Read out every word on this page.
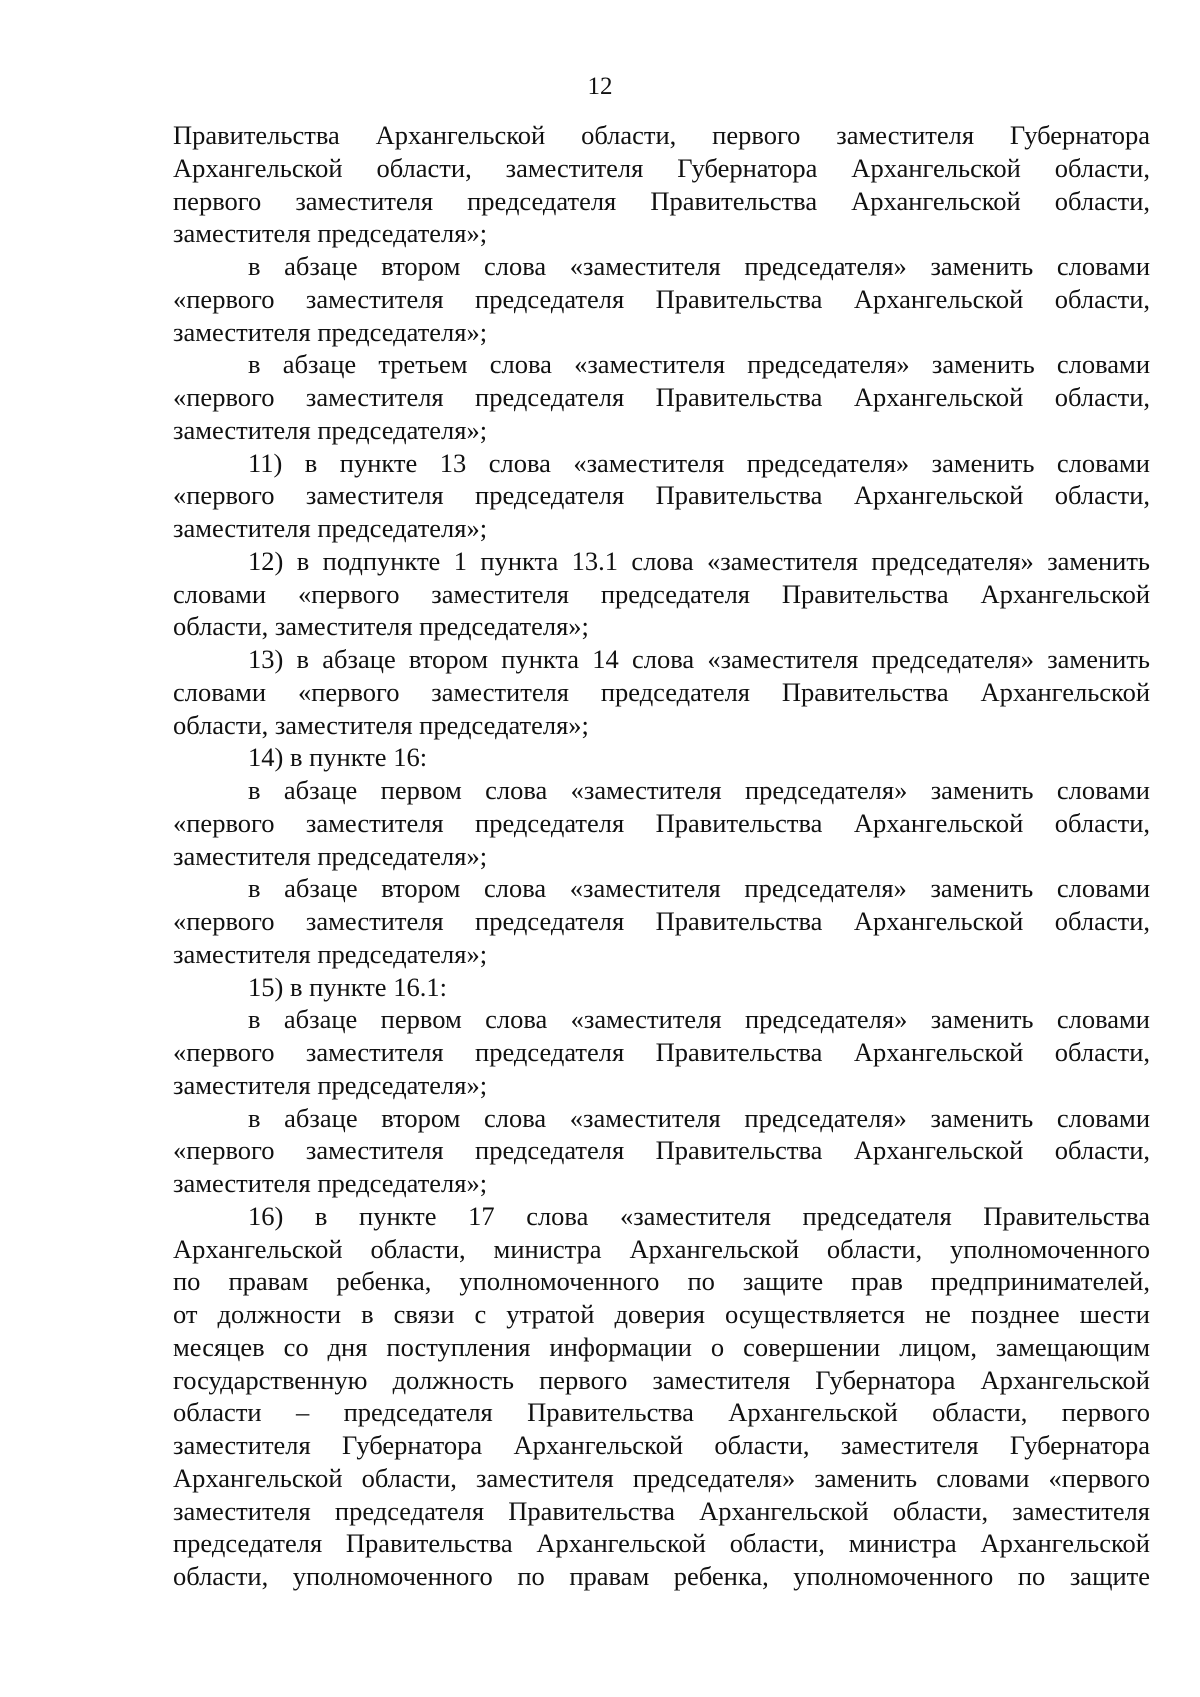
12
Правительства Архангельской области, первого заместителя Губернатора
Архангельской области, заместителя Губернатора Архангельской области,
первого заместителя председателя Правительства Архангельской области,
заместителя председателя»;
в абзаце втором слова «заместителя председателя» заменить словами
«первого заместителя председателя Правительства Архангельской области,
заместителя председателя»;
в абзаце третьем слова «заместителя председателя» заменить словами
«первого заместителя председателя Правительства Архангельской области,
заместителя председателя»;
11) в пункте 13 слова «заместителя председателя» заменить словами
«первого заместителя председателя Правительства Архангельской области,
заместителя председателя»;
12) в подпункте 1 пункта 13.1 слова «заместителя председателя» заменить
словами «первого заместителя председателя Правительства Архангельской
области, заместителя председателя»;
13) в абзаце втором пункта 14 слова «заместителя председателя» заменить
словами «первого заместителя председателя Правительства Архангельской
области, заместителя председателя»;
14) в пункте 16:
в абзаце первом слова «заместителя председателя» заменить словами
«первого заместителя председателя Правительства Архангельской области,
заместителя председателя»;
в абзаце втором слова «заместителя председателя» заменить словами
«первого заместителя председателя Правительства Архангельской области,
заместителя председателя»;
15) в пункте 16.1:
в абзаце первом слова «заместителя председателя» заменить словами
«первого заместителя председателя Правительства Архангельской области,
заместителя председателя»;
в абзаце втором слова «заместителя председателя» заменить словами
«первого заместителя председателя Правительства Архангельской области,
заместителя председателя»;
16) в пункте 17 слова «заместителя председателя Правительства
Архангельской области, министра Архангельской области, уполномоченного
по правам ребенка, уполномоченного по защите прав предпринимателей,
от должности в связи с утратой доверия осуществляется не позднее шести
месяцев со дня поступления информации о совершении лицом, замещающим
государственную должность первого заместителя Губернатора Архангельской
области – председателя Правительства Архангельской области, первого
заместителя Губернатора Архангельской области, заместителя Губернатора
Архангельской области, заместителя председателя» заменить словами «первого
заместителя председателя Правительства Архангельской области, заместителя
председателя Правительства Архангельской области, министра Архангельской
области, уполномоченного по правам ребенка, уполномоченного по защите
